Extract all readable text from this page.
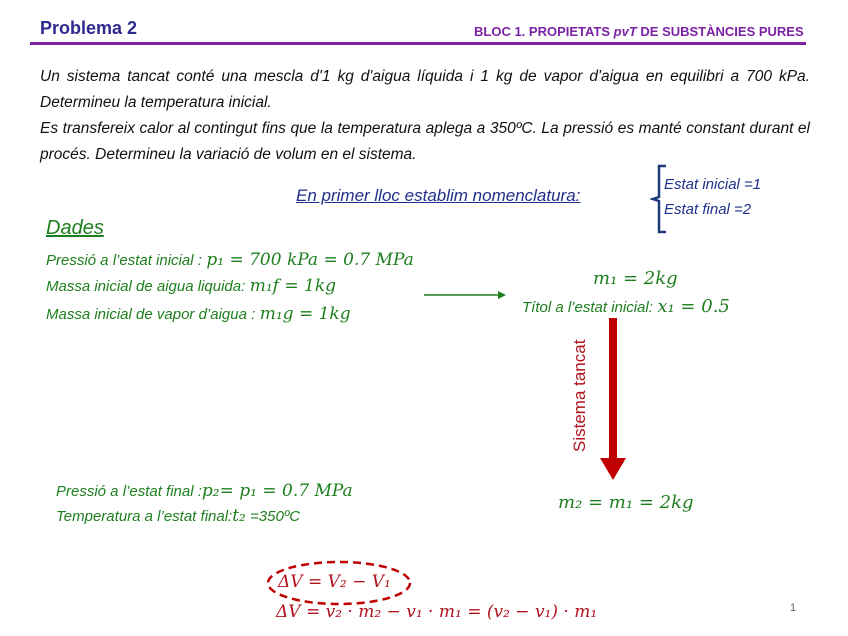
Problema 2	BLOC 1. PROPIETATS pvT DE SUBSTÀNCIES PURES
Un sistema tancat conté una mescla d'1 kg d'aigua líquida i 1 kg de vapor d'aigua en equilibri a 700 kPa. Determineu la temperatura inicial.
Es transfereix calor al contingut fins que la temperatura aplega a 350ºC. La pressió es manté constant durant el procés. Determineu la variació de volum en el sistema.
En primer lloc establim nomenclatura:
Estat inicial =1
Estat final =2
Dades
Pressió a l’estat inicial : p₁ = 700 kPa = 0.7 MPa
Massa inicial de aigua liquida: m₁f = 1kg
Massa inicial de vapor d’aigua : m₁g = 1kg
m₁ = 2kg
Títol a l’estat inicial: x₁ = 0.5
Sistema tancat
m₂ = m₁ = 2kg
Pressió a l’estat final :p₂= p₁ = 0.7 MPa
Temperatura a l’estat final:t₂ =350ºC
ΔV = V₂ − V₁
ΔV = v₂ · m₂ − v₁ · m₁ = (v₂ − v₁) · m₁	1
